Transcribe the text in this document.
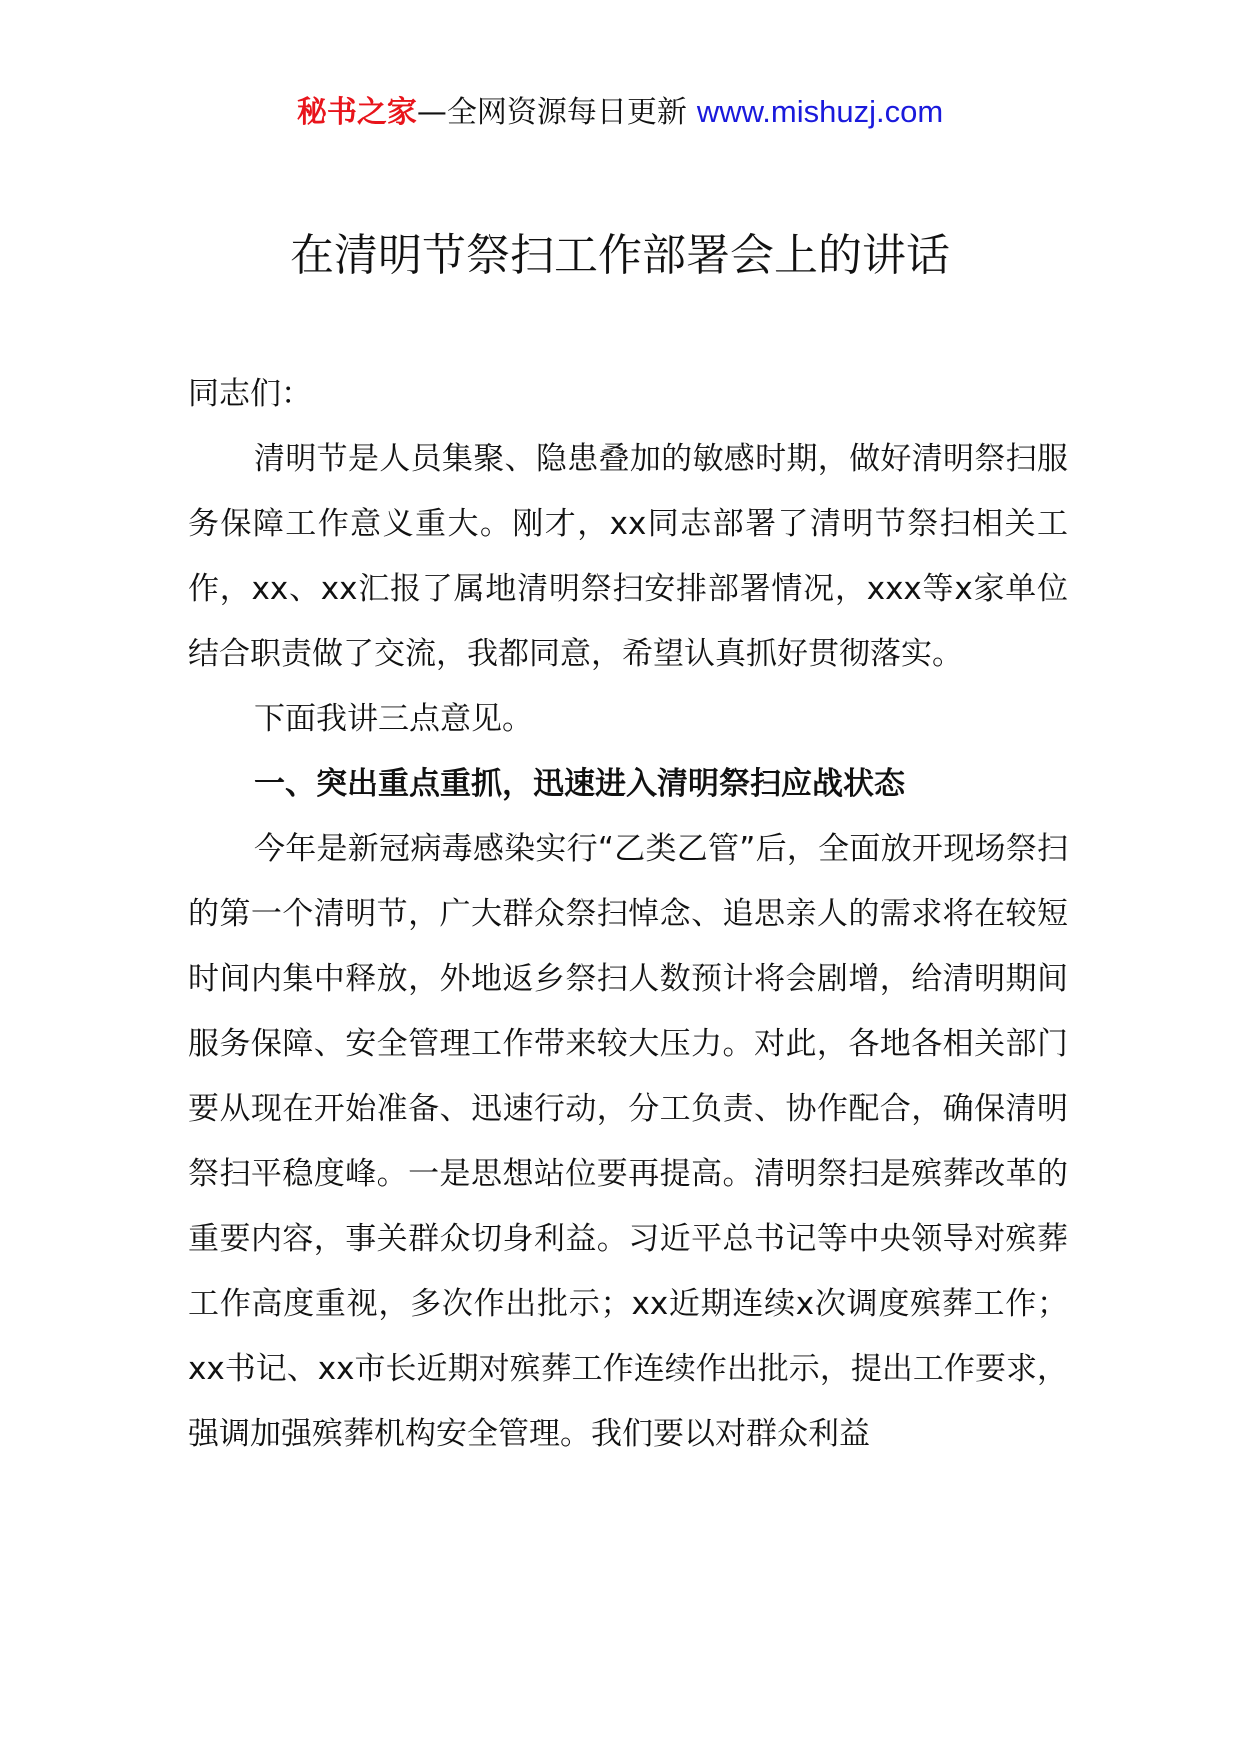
秘书之家—全网资源每日更新 www.mishuzj.com
在清明节祭扫工作部署会上的讲话

同志们：

清明节是人员集聚、隐患叠加的敏感时期，做好清明祭扫服务保障工作意义重大。刚才，xx同志部署了清明节祭扫相关工作，xx、xx汇报了属地清明祭扫安排部署情况，xxx等x家单位结合职责做了交流，我都同意，希望认真抓好贯彻落实。

下面我讲三点意见。

一、突出重点重抓，迅速进入清明祭扫应战状态

今年是新冠病毒感染实行“乙类乙管”后，全面放开现场祭扫的第一个清明节，广大群众祭扫悼念、追思亲人的需求将在较短时间内集中释放，外地返乡祭扫人数预计将会剧增，给清明期间服务保障、安全管理工作带来较大压力。对此，各地各相关部门要从现在开始准备、迅速行动，分工负责、协作配合，确保清明祭扫平稳度峰。一是思想站位要再提高。清明祭扫是殡葬改革的重要内容，事关群众切身利益。习近平总书记等中央领导对殡葬工作高度重视，多次作出批示；xx近期连续x次调度殡葬工作；xx书记、xx市长近期对殡葬工作连续作出批示，提出工作要求，强调加强殡葬机构安全管理。我们要以对群众利益
